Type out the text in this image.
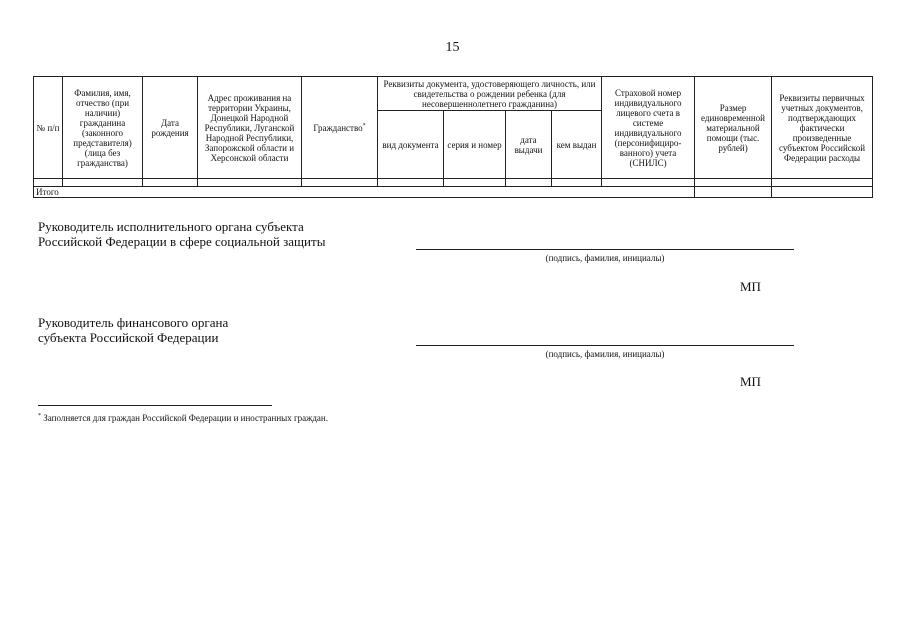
15
№ п/п	Фамилия, имя, отчество (при наличии) гражданина (законного представителя) (лица без гражданства)	Дата рождения	Адрес проживания на территории Украины, Донецкой Народной Республики, Луганской Народной Республики, Запорожской области и Херсонской области	Гражданство*	Реквизиты документа, удостоверяющего личность, или свидетельства о рождении ребенка (для несовершеннолетнего гражданина)				Страховой номер индивидуального лицевого счета в системе индивидуального (персонифициро-ванного) учета (СНИЛС)	Размер единовременной материальной помощи (тыс. рублей)	Реквизиты первичных учетных документов, подтверждающих фактически произведенные субъектом Российской Федерации расходы
					вид документа	серия и номер	дата выдачи	кем выдан			

Итого											
Руководитель исполнительного органа субъекта
Российской Федерации в сфере социальной защиты
(подпись, фамилия, инициалы)
МП
Руководитель финансового органа
субъекта Российской Федерации
(подпись, фамилия, инициалы)
МП
* Заполняется для граждан Российской Федерации и иностранных граждан.
